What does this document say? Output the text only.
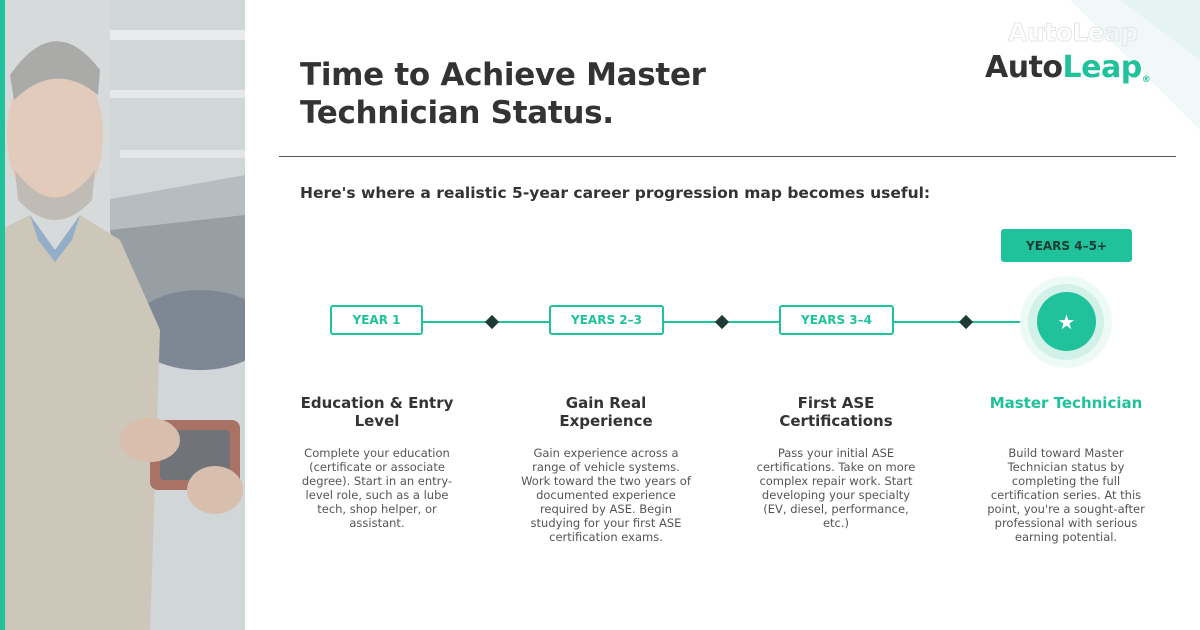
AutoLeap
AutoLeap®
Time to Achieve Master Technician Status.

Here's where a realistic 5-year career progression map becomes useful:

YEAR 1	YEARS 2–3	YEARS 3–4
YEARS 4–5+
★
Education & Entry Level
Gain Real Experience
First ASE Certifications
Master Technician

Complete your education (certificate or associate degree). Start in an entry-level role, such as a lube tech, shop helper, or assistant.

Gain experience across a range of vehicle systems. Work toward the two years of documented experience required by ASE. Begin studying for your first ASE certification exams.

Pass your initial ASE certifications. Take on more complex repair work. Start developing your specialty (EV, diesel, performance, etc.)

Build toward Master Technician status by completing the full certification series. At this point, you're a sought-after professional with serious earning potential.
